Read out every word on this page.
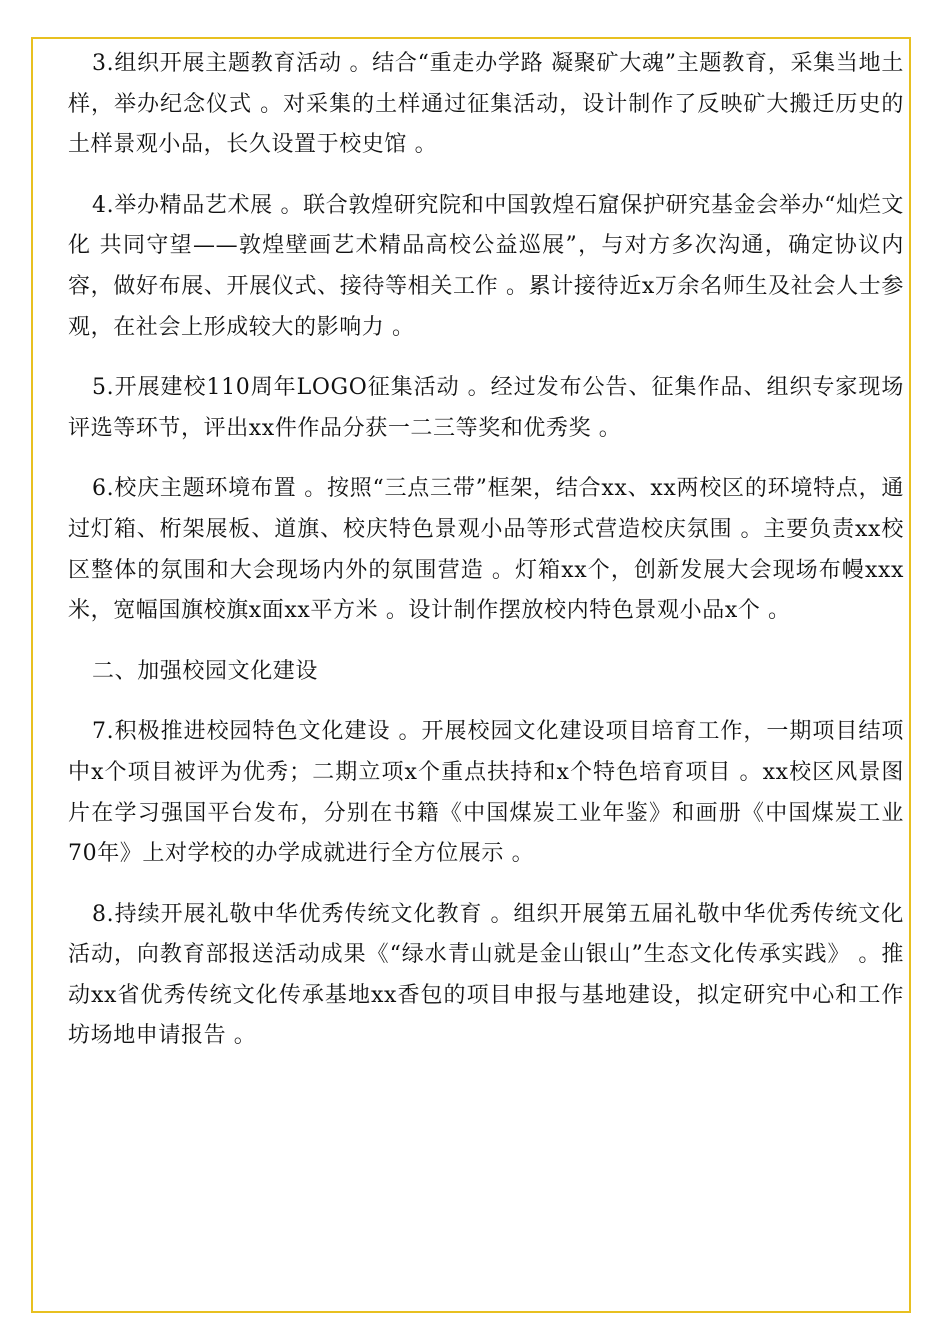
3.组织开展主题教育活动 。结合“重走办学路 凝聚矿大魂”主题教育，采集当地土样，举办纪念仪式 。对采集的土样通过征集活动，设计制作了反映矿大搬迁历史的土样景观小品，长久设置于校史馆 。

4.举办精品艺术展 。联合敦煌研究院和中国敦煌石窟保护研究基金会举办“灿烂文化 共同守望——敦煌壁画艺术精品高校公益巡展”，与对方多次沟通，确定协议内容，做好布展、开展仪式、接待等相关工作 。累计接待近x万余名师生及社会人士参观，在社会上形成较大的影响力 。

5.开展建校110周年LOGO征集活动 。经过发布公告、征集作品、组织专家现场评选等环节，评出xx件作品分获一二三等奖和优秀奖 。

6.校庆主题环境布置 。按照“三点三带”框架，结合xx、xx两校区的环境特点，通过灯箱、桁架展板、道旗、校庆特色景观小品等形式营造校庆氛围 。主要负责xx校区整体的氛围和大会现场内外的氛围营造 。灯箱xx个，创新发展大会现场布幔xxx米，宽幅国旗校旗x面xx平方米 。设计制作摆放校内特色景观小品x个 。

二、加强校园文化建设

7.积极推进校园特色文化建设 。开展校园文化建设项目培育工作，一期项目结项中x个项目被评为优秀；二期立项x个重点扶持和x个特色培育项目 。xx校区风景图片在学习强国平台发布，分别在书籍《中国煤炭工业年鉴》和画册《中国煤炭工业70年》上对学校的办学成就进行全方位展示 。

8.持续开展礼敬中华优秀传统文化教育 。组织开展第五届礼敬中华优秀传统文化活动，向教育部报送活动成果《“绿水青山就是金山银山”生态文化传承实践》 。推动xx省优秀传统文化传承基地xx香包的项目申报与基地建设，拟定研究中心和工作坊场地申请报告 。
